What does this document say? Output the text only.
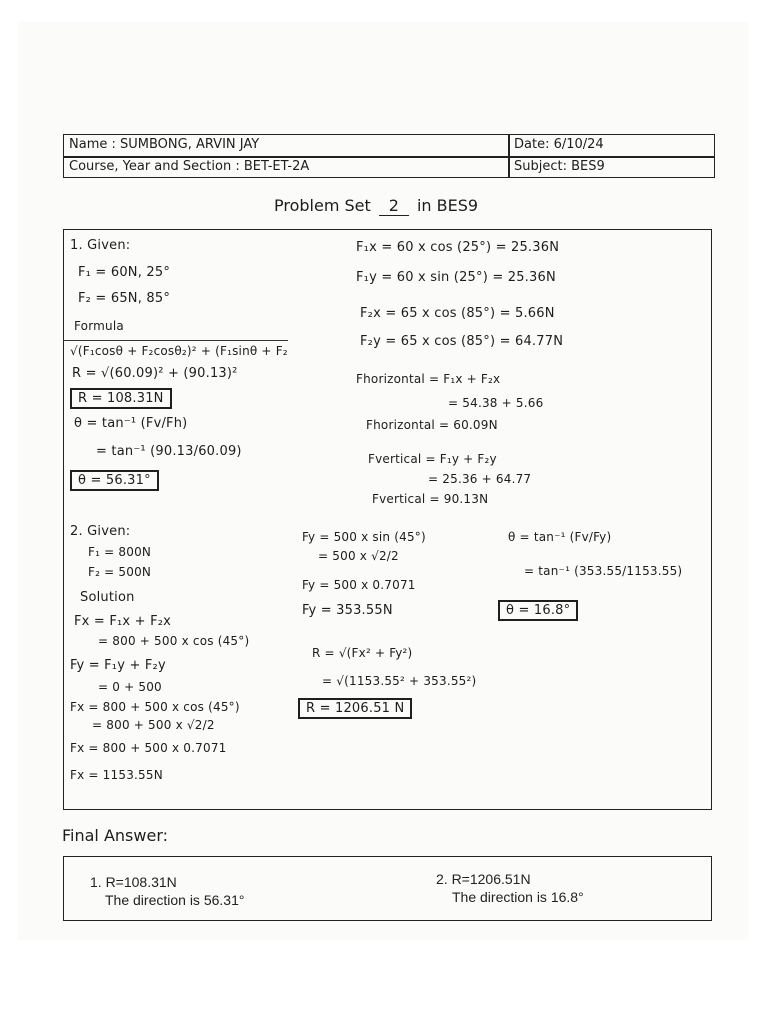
Name : SUMBONG, ARVIN JAY	Date: 6/10/24
Course, Year and Section : BET-ET-2A	Subject: BES9
Problem Set 2 in BES9
1. Given:
F₁ = 60N, 25°
F₂ = 65N, 85°
Formula
√(F₁cosθ + F₂cosθ₂)² + (F₁sinθ + F₂
R = √(60.09)² + (90.13)²
R = 108.31N
θ = tan⁻¹ (Fv/Fh)
= tan⁻¹ (90.13/60.09)
θ = 56.31°
F₁x = 60 x cos (25°) = 25.36N
F₁y = 60 x sin (25°) = 25.36N
F₂x = 65 x cos (85°) = 5.66N
F₂y = 65 x cos (85°) = 64.77N
Fhorizontal = F₁x + F₂x
= 54.38 + 5.66
Fhorizontal = 60.09N
Fvertical = F₁y + F₂y
= 25.36 + 64.77
Fvertical = 90.13N
2. Given:
F₁ = 800N
F₂ = 500N
Solution
Fx = F₁x + F₂x
= 800 + 500 x cos (45°)
Fy = F₁y + F₂y
= 0 + 500
Fx = 800 + 500 x cos (45°)
= 800 + 500 x √2/2
Fx = 800 + 500 x 0.7071
Fx = 1153.55N
Fy = 500 x sin (45°)
= 500 x √2/2
Fy = 500 x 0.7071
Fy = 353.55N
R = √(Fx² + Fy²)
= √(1153.55² + 353.55²)
R = 1206.51 N
θ = tan⁻¹ (Fv/Fy)
= tan⁻¹ (353.55/1153.55)
θ = 16.8°
Final Answer:
1. R=108.31N
The direction is 56.31°
2. R=1206.51N
The direction is 16.8°
